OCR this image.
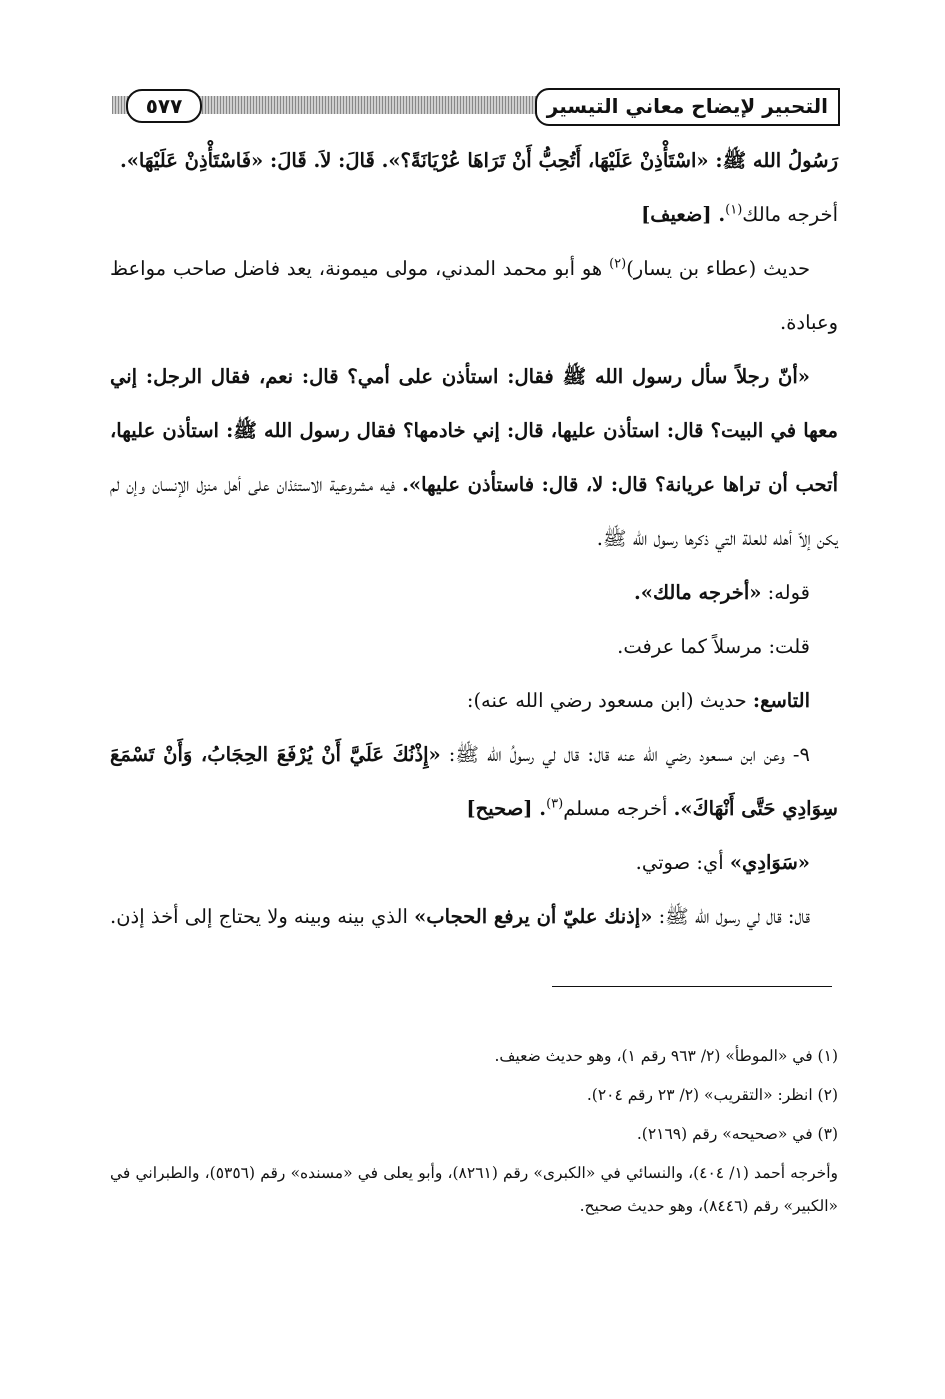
التحبير لإيضاح معاني التيسير
٥٧٧

رَسُولُ الله ﷺ: «اسْتَأْذِنْ عَلَيْهَا، أَتُحِبُّ أَنْ تَرَاهَا عُرْيَانَةً؟». قَالَ: لاَ. قَالَ: «فَاسْتَأْذِنْ عَلَيْهَا».

أخرجه مالك$^{(١)}$. [ضعيف]

حديث (عطاء بن يسار)$^{(٢)}$ هو أبو محمد المدني، مولى ميمونة، يعد فاضل صاحب مواعظ وعبادة.

«أنّ رجلاً سأل رسول الله ﷺ فقال: استأذن على أمي؟ قال: نعم، فقال الرجل: إني معها في البيت؟ قال: استأذن عليها، قال: إني خادمها؟ فقال رسول الله ﷺ: استأذن عليها، أتحب أن تراها عريانة؟ قال: لا، قال: فاستأذن عليها». فيه مشروعية الاستئذان على أهل منزل الإنسان وإن لم يكن إلاّ أهله للعلة التي ذكرها رسول الله ﷺ.

قوله: «أخرجه مالك».

قلت: مرسلاً كما عرفت.

التاسع: حديث (ابن مسعود رضي الله عنه):

٩- وعن ابن مسعود رضي الله عنه قال: قال لي رسولُ الله ﷺ: «إِذْنُكَ عَلَيَّ أَنْ يُرْفَعَ الحِجَابُ، وَأَنْ تَسْمَعَ سِوَادِي حَتَّى أَنْهَاكَ». أخرجه مسلم$^{(٣)}$. [صحيح]

«سَوَادِي» أي: صوتي.

قال: قال لي رسول الله ﷺ: «إذنك عليّ أن يرفع الحجاب» الذي بينه وبينه ولا يحتاج إلى أخذ إذن.

(١) في «الموطأ» (٢/ ٩٦٣ رقم ١)، وهو حديث ضعيف.

(٢) انظر: «التقريب» (٢/ ٢٣ رقم ٢٠٤).

(٣) في «صحيحه» رقم (٢١٦٩).

وأخرجه أحمد (١/ ٤٠٤)، والنسائي في «الكبرى» رقم (٨٢٦١)، وأبو يعلى في «مسنده» رقم (٥٣٥٦)، والطبراني في «الكبير» رقم (٨٤٤٦)، وهو حديث صحيح.
